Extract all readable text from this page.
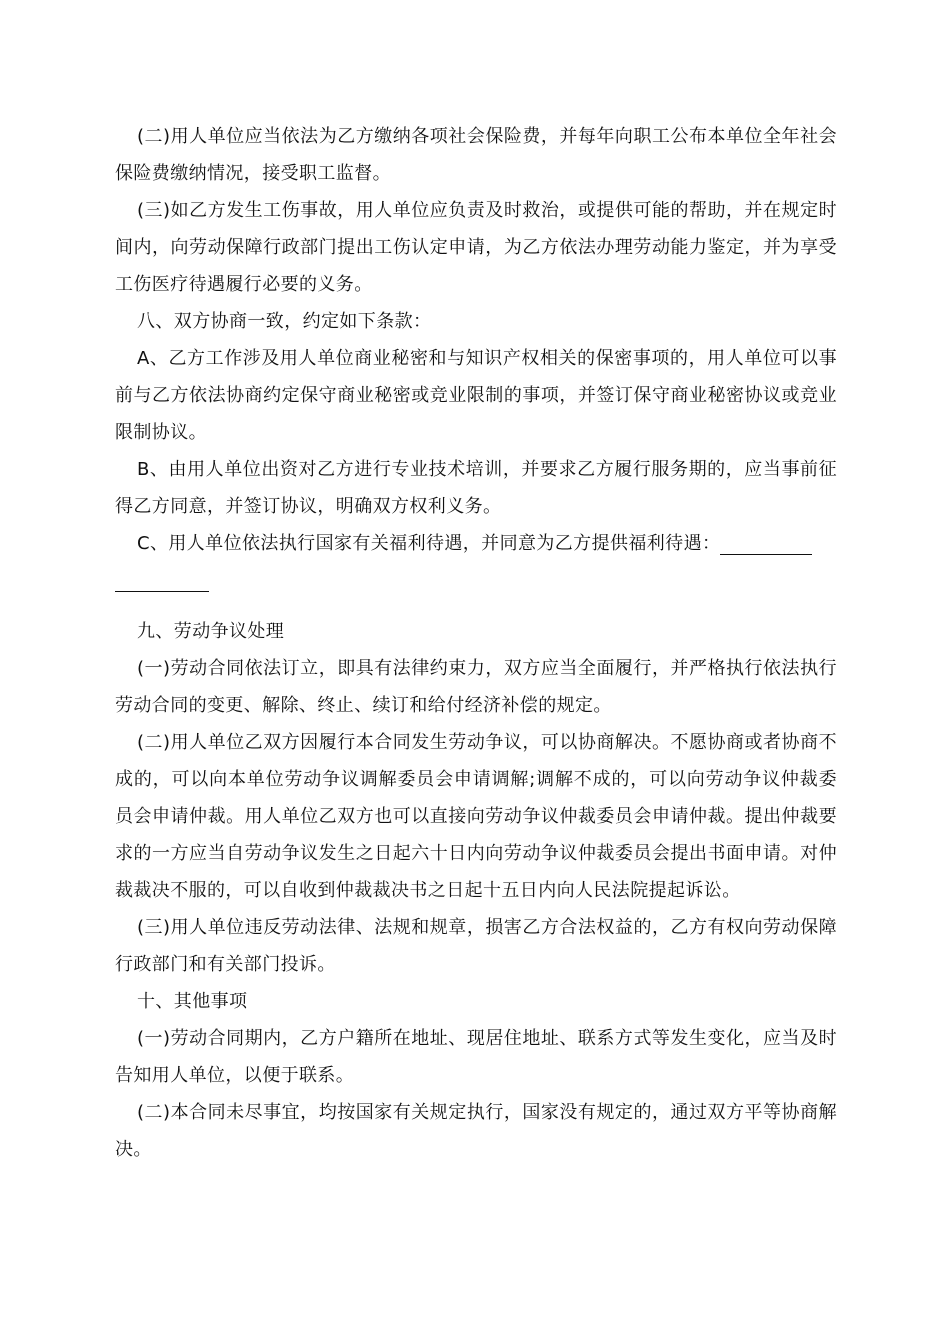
(二)用人单位应当依法为乙方缴纳各项社会保险费，并每年向职工公布本单位全年社会保险费缴纳情况，接受职工监督。

(三)如乙方发生工伤事故，用人单位应负责及时救治，或提供可能的帮助，并在规定时间内，向劳动保障行政部门提出工伤认定申请，为乙方依法办理劳动能力鉴定，并为享受工伤医疗待遇履行必要的义务。

八、双方协商一致，约定如下条款：

A、乙方工作涉及用人单位商业秘密和与知识产权相关的保密事项的，用人单位可以事前与乙方依法协商约定保守商业秘密或竞业限制的事项，并签订保守商业秘密协议或竞业限制协议。

B、由用人单位出资对乙方进行专业技术培训，并要求乙方履行服务期的，应当事前征得乙方同意，并签订协议，明确双方权利义务。

C、用人单位依法执行国家有关福利待遇，并同意为乙方提供福利待遇：

九、劳动争议处理

(一)劳动合同依法订立，即具有法律约束力，双方应当全面履行，并严格执行依法执行劳动合同的变更、解除、终止、续订和给付经济补偿的规定。

(二)用人单位乙双方因履行本合同发生劳动争议，可以协商解决。不愿协商或者协商不成的，可以向本单位劳动争议调解委员会申请调解;调解不成的，可以向劳动争议仲裁委员会申请仲裁。用人单位乙双方也可以直接向劳动争议仲裁委员会申请仲裁。提出仲裁要求的一方应当自劳动争议发生之日起六十日内向劳动争议仲裁委员会提出书面申请。对仲裁裁决不服的，可以自收到仲裁裁决书之日起十五日内向人民法院提起诉讼。

(三)用人单位违反劳动法律、法规和规章，损害乙方合法权益的，乙方有权向劳动保障行政部门和有关部门投诉。

十、其他事项

(一)劳动合同期内，乙方户籍所在地址、现居住地址、联系方式等发生变化，应当及时告知用人单位，以便于联系。

(二)本合同未尽事宜，均按国家有关规定执行，国家没有规定的，通过双方平等协商解决。
